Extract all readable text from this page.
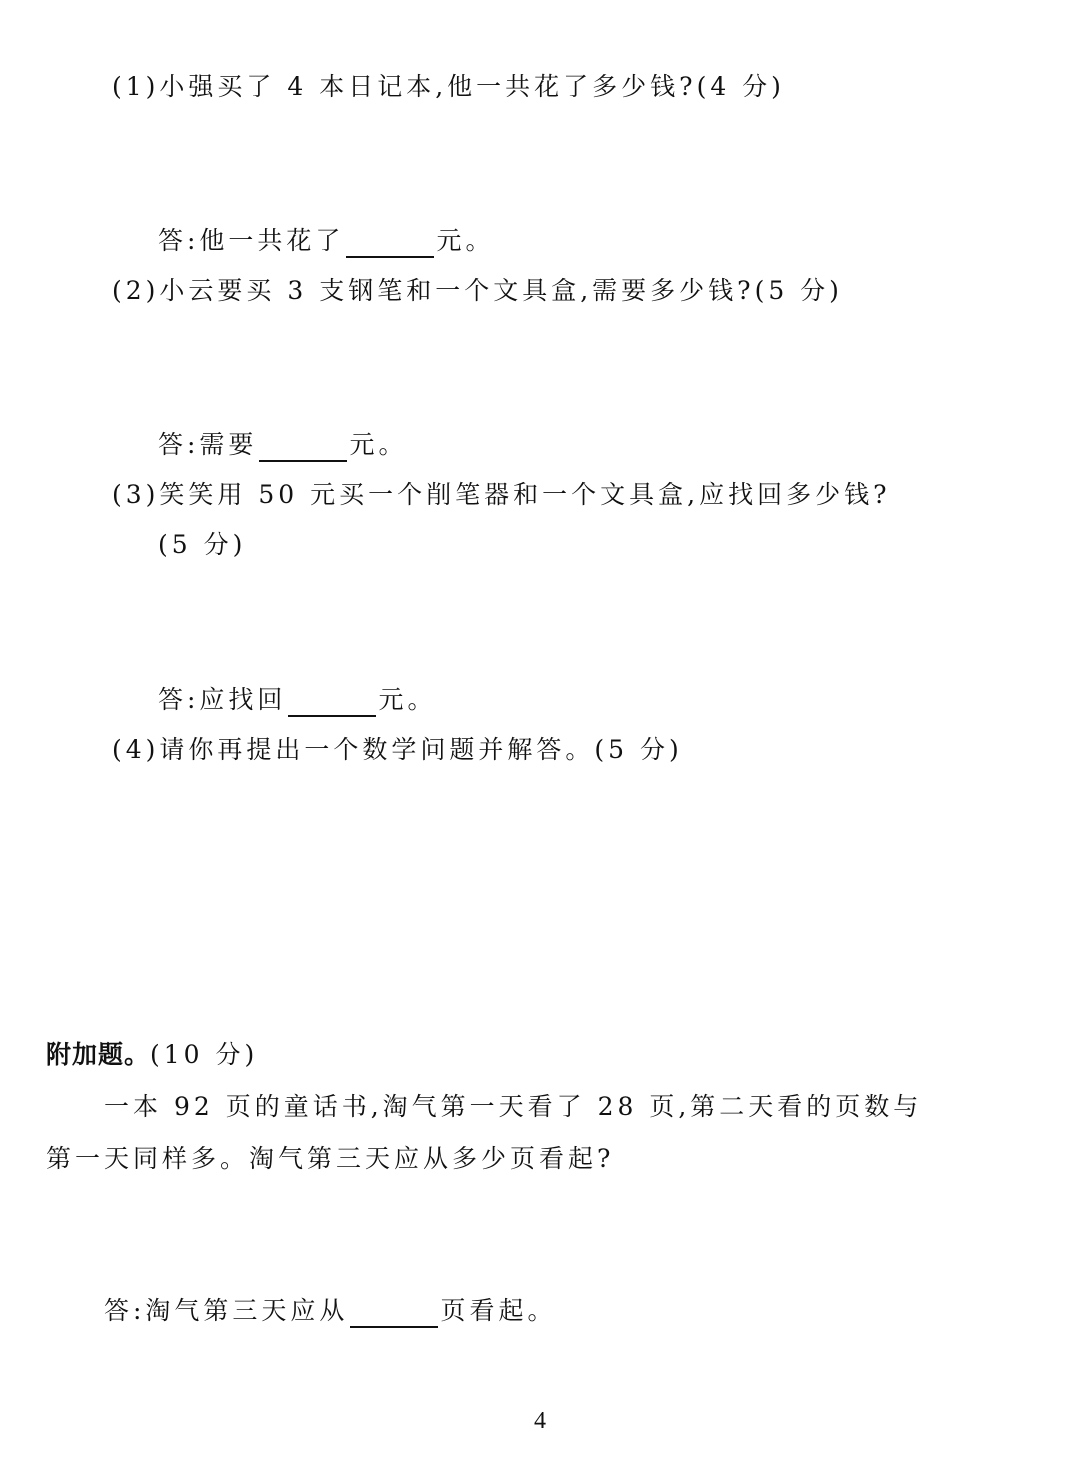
(1)小强买了 4 本日记本,他一共花了多少钱?(4 分)
答:他一共花了	元。
(2)小云要买 3 支钢笔和一个文具盒,需要多少钱?(5 分)
答:需要	元。
(3)笑笑用 50 元买一个削笔器和一个文具盒,应找回多少钱?
(5 分)
答:应找回	元。
(4)请你再提出一个数学问题并解答。(5 分)
附加题。(10 分)
一本 92 页的童话书,淘气第一天看了 28 页,第二天看的页数与
第一天同样多。淘气第三天应从多少页看起?
答:淘气第三天应从	页看起。
4
